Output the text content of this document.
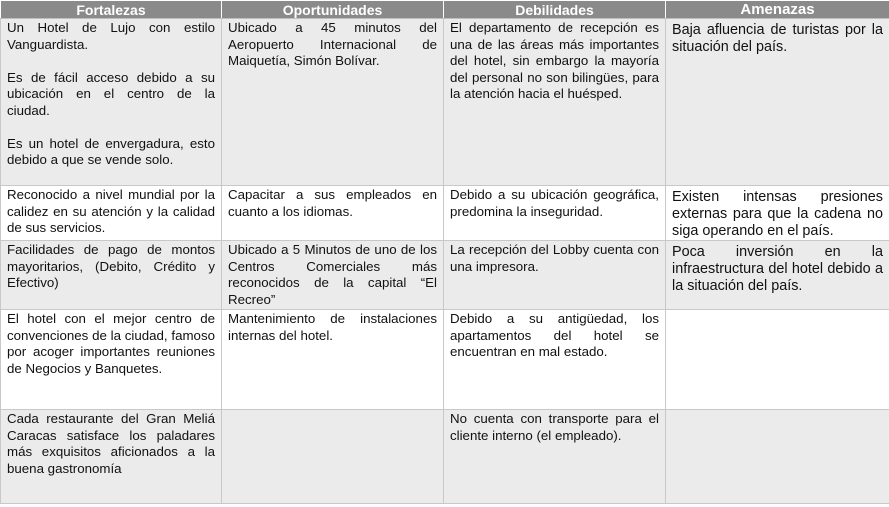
Fortalezas	Oportunidades	Debilidades	Amenazas

Un Hotel de Lujo con estilo Vanguardista.
Es de fácil acceso debido a su ubicación en el centro de la ciudad.
Es un hotel de envergadura, esto debido a que se vende solo.	Ubicado a 45 minutos del Aeropuerto Internacional de Maiquetía, Simón Bolívar.	El departamento de recepción es una de las áreas más importantes del hotel, sin embargo la mayoría del personal no son bilingües, para la atención hacia el huésped.	Baja afluencia de turistas por la situación del país.
Reconocido a nivel mundial por la calidez en su atención y la calidad de sus servicios.	Capacitar a sus empleados en cuanto a los idiomas.	Debido a su ubicación geográfica, predomina la inseguridad.	Existen intensas presiones externas para que la cadena no siga operando en el país.
Facilidades de pago de montos mayoritarios, (Debito, Crédito y Efectivo)	Ubicado a 5 Minutos de uno de los Centros Comerciales más reconocidos de la capital “El Recreo”	La recepción del Lobby cuenta con una impresora.	Poca inversión en la infraestructura del hotel debido a la situación del país.
El hotel con el mejor centro de convenciones de la ciudad, famoso por acoger importantes reuniones de Negocios y Banquetes.	Mantenimiento de instalaciones internas del hotel.	Debido a su antigüedad, los apartamentos del hotel se encuentran en mal estado.	
Cada restaurante del Gran Meliá Caracas satisface los paladares más exquisitos aficionados a la buena gastronomía		No cuenta con transporte para el cliente interno (el empleado).	
